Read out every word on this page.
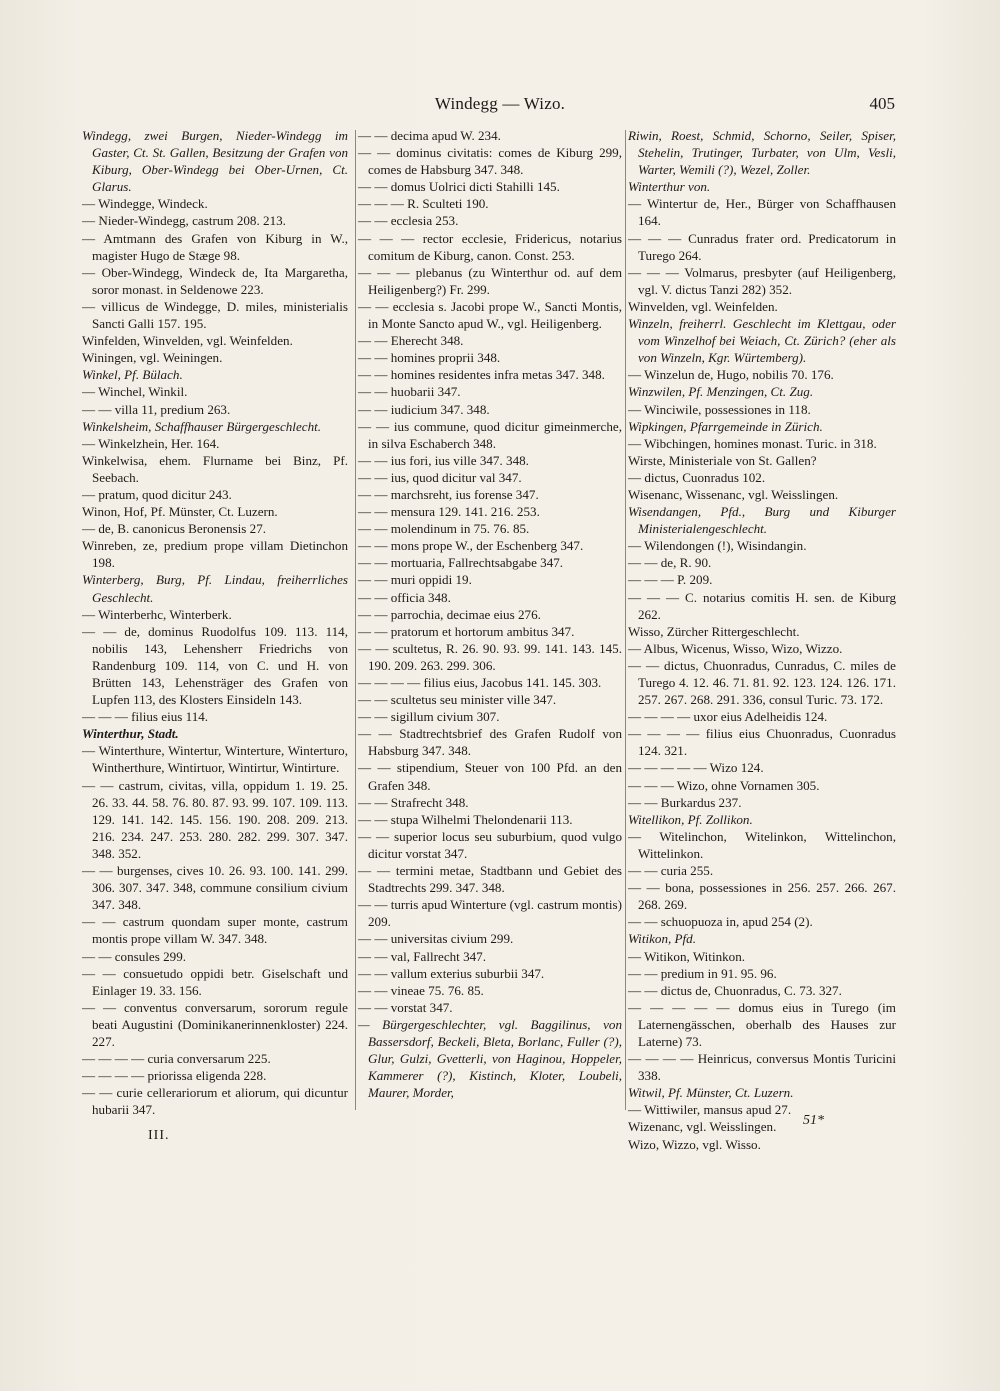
Windegg — Wizo.	405

Windegg, zwei Burgen, Nieder-Windegg im Gaster, Ct. St. Gallen, Besitzung der Grafen von Kiburg, Ober-Windegg bei Ober-Urnen, Ct. Glarus.

— Windegge, Windeck.

— Nieder-Windegg, castrum 208. 213.

— Amtmann des Grafen von Kiburg in W., magister Hugo de Stæge 98.

— Ober-Windegg, Windeck de, Ita Margaretha, soror monast. in Seldenowe 223.

— villicus de Windegge, D. miles, ministerialis Sancti Galli 157. 195.

Winfelden, Winvelden, vgl. Weinfelden.

Winingen, vgl. Weiningen.

Winkel, Pf. Bülach.

— Winchel, Winkil.

— — villa 11, predium 263.

Winkelsheim, Schaffhauser Bürgergeschlecht.

— Winkelzhein, Her. 164.

Winkelwisa, ehem. Flurname bei Binz, Pf. Seebach.

— pratum, quod dicitur 243.

Winon, Hof, Pf. Münster, Ct. Luzern.

— de, B. canonicus Beronensis 27.

Winreben, ze, predium prope villam Dietinchon 198.

Winterberg, Burg, Pf. Lindau, freiherrliches Geschlecht.

— Winterberhc, Winterberk.

— — de, dominus Ruodolfus 109. 113. 114, nobilis 143, Lehensherr Friedrichs von Randenburg 109. 114, von C. und H. von Brütten 143, Lehensträger des Grafen von Lupfen 113, des Klosters Einsideln 143.

— — — filius eius 114.

Winterthur, Stadt.

— Winterthure, Wintertur, Winterture, Winterturo, Wintherthure, Wintirtuor, Wintirtur, Wintirture.

— — castrum, civitas, villa, oppidum 1. 19. 25. 26. 33. 44. 58. 76. 80. 87. 93. 99. 107. 109. 113. 129. 141. 142. 145. 156. 190. 208. 209. 213. 216. 234. 247. 253. 280. 282. 299. 307. 347. 348. 352.

— — burgenses, cives 10. 26. 93. 100. 141. 299. 306. 307. 347. 348, commune consilium civium 347. 348.

— — castrum quondam super monte, castrum montis prope villam W. 347. 348.

— — consules 299.

— — consuetudo oppidi betr. Giselschaft und Einlager 19. 33. 156.

— — conventus conversarum, sororum regule beati Augustini (Dominikanerinnenkloster) 224. 227.

— — — — curia conversarum 225.

— — — — priorissa eligenda 228.

— — curie cellerariorum et aliorum, qui dicuntur hubarii 347.

— — decima apud W. 234.

— — dominus civitatis: comes de Kiburg 299, comes de Habsburg 347. 348.

— — domus Uolrici dicti Stahilli 145.

— — — R. Sculteti 190.

— — ecclesia 253.

— — — rector ecclesie, Fridericus, notarius comitum de Kiburg, canon. Const. 253.

— — — plebanus (zu Winterthur od. auf dem Heiligenberg?) Fr. 299.

— — ecclesia s. Jacobi prope W., Sancti Montis, in Monte Sancto apud W., vgl. Heiligenberg.

— — Eherecht 348.

— — homines proprii 348.

— — homines residentes infra metas 347. 348.

— — huobarii 347.

— — iudicium 347. 348.

— — ius commune, quod dicitur gimeinmerche, in silva Eschaberch 348.

— — ius fori, ius ville 347. 348.

— — ius, quod dicitur val 347.

— — marchsreht, ius forense 347.

— — mensura 129. 141. 216. 253.

— — molendinum in 75. 76. 85.

— — mons prope W., der Eschenberg 347.

— — mortuaria, Fallrechtsabgabe 347.

— — muri oppidi 19.

— — officia 348.

— — parrochia, decimae eius 276.

— — pratorum et hortorum ambitus 347.

— — scultetus, R. 26. 90. 93. 99. 141. 143. 145. 190. 209. 263. 299. 306.

— — — — filius eius, Jacobus 141. 145. 303.

— — scultetus seu minister ville 347.

— — sigillum civium 307.

— — Stadtrechtsbrief des Grafen Rudolf von Habsburg 347. 348.

— — stipendium, Steuer von 100 Pfd. an den Grafen 348.

— — Strafrecht 348.

— — stupa Wilhelmi Thelondenarii 113.

— — superior locus seu suburbium, quod vulgo dicitur vorstat 347.

— — termini metae, Stadtbann und Gebiet des Stadtrechts 299. 347. 348.

— — turris apud Winterture (vgl. castrum montis) 209.

— — universitas civium 299.

— — val, Fallrecht 347.

— — vallum exterius suburbii 347.

— — vineae 75. 76. 85.

— — vorstat 347.

— Bürgergeschlechter, vgl. Baggilinus, von Bassersdorf, Beckeli, Bleta, Borlanc, Fuller (?), Glur, Gulzi, Gvetterli, von Haginou, Hoppeler, Kammerer (?), Kistinch, Kloter, Loubeli, Maurer, Morder,

Riwin, Roest, Schmid, Schorno, Seiler, Spiser, Stehelin, Trutinger, Turbater, von Ulm, Vesli, Warter, Wemili (?), Wezel, Zoller.

Winterthur von.

— Wintertur de, Her., Bürger von Schaffhausen 164.

— — — Cunradus frater ord. Predicatorum in Turego 264.

— — — Volmarus, presbyter (auf Heiligenberg, vgl. V. dictus Tanzi 282) 352.

Winvelden, vgl. Weinfelden.

Winzeln, freiherrl. Geschlecht im Klettgau, oder vom Winzelhof bei Weiach, Ct. Zürich? (eher als von Winzeln, Kgr. Würtemberg).

— Winzelun de, Hugo, nobilis 70. 176.

Winzwilen, Pf. Menzingen, Ct. Zug.

— Winciwile, possessiones in 118.

Wipkingen, Pfarrgemeinde in Zürich.

— Wibchingen, homines monast. Turic. in 318.

Wirste, Ministeriale von St. Gallen?

— dictus, Cuonradus 102.

Wisenanc, Wissenanc, vgl. Weisslingen.

Wisendangen, Pfd., Burg und Kiburger Ministerialengeschlecht.

— Wilendongen (!), Wisindangin.

— — de, R. 90.

— — — P. 209.

— — — C. notarius comitis H. sen. de Kiburg 262.

Wisso, Zürcher Rittergeschlecht.

— Albus, Wicenus, Wisso, Wizo, Wizzo.

— — dictus, Chuonradus, Cunradus, C. miles de Turego 4. 12. 46. 71. 81. 92. 123. 124. 126. 171. 257. 267. 268. 291. 336, consul Turic. 73. 172.

— — — — uxor eius Adelheidis 124.

— — — — filius eius Chuonradus, Cuonradus 124. 321.

— — — — — Wizo 124.

— — — Wizo, ohne Vornamen 305.

— — Burkardus 237.

Witellikon, Pf. Zollikon.

— Witelinchon, Witelinkon, Wittelinchon, Wittelinkon.

— — curia 255.

— — bona, possessiones in 256. 257. 266. 267. 268. 269.

— — schuopuoza in, apud 254 (2).

Witikon, Pfd.

— Witikon, Witinkon.

— — predium in 91. 95. 96.

— — dictus de, Chuonradus, C. 73. 327.

— — — — — domus eius in Turego (im Laternengässchen, oberhalb des Hauses zur Laterne) 73.

— — — — Heinricus, conversus Montis Turicini 338.

Witwil, Pf. Münster, Ct. Luzern.

— Wittiwiler, mansus apud 27.

Wizenanc, vgl. Weisslingen.

Wizo, Wizzo, vgl. Wisso.

III.
51*
